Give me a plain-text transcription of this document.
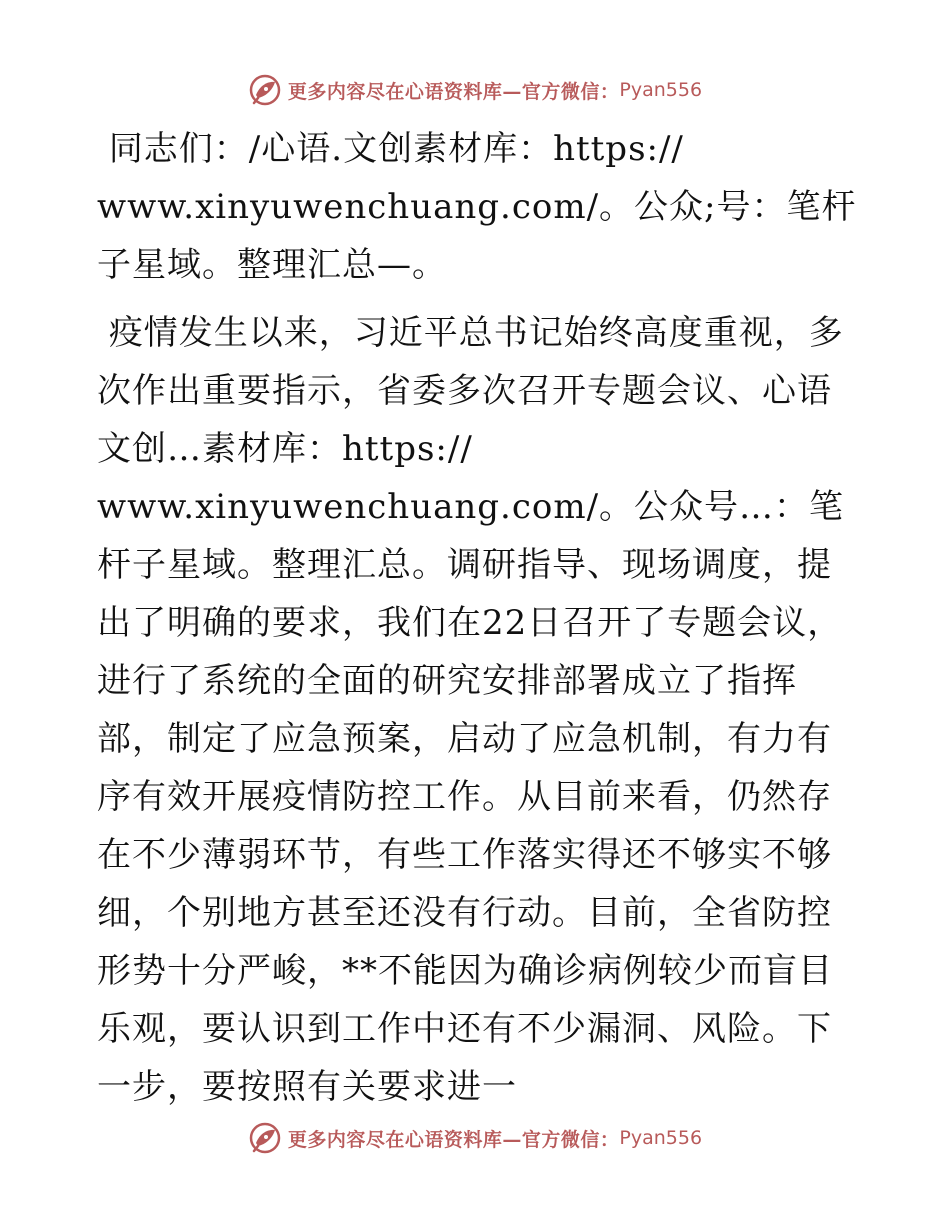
更多内容尽在心语资料库—官方微信： Pyan556

同志们：/心语.文创素材库：https://
www.xinyuwenchuang.com/。公众;号：笔杆子星域。整理汇总—。

疫情发生以来，习近平总书记始终高度重视，多次作出重要指示，省委多次召开专题会议、心语文创…素材库：https://
www.xinyuwenchuang.com/。公众号…：笔杆子星域。整理汇总。调研指导、现场调度，提出了明确的要求，我们在22日召开了专题会议，进行了系统的全面的研究安排部署成立了指挥部，制定了应急预案，启动了应急机制，有力有序有效开展疫情防控工作。从目前来看，仍然存在不少薄弱环节，有些工作落实得还不够实不够细，个别地方甚至还没有行动。目前，全省防控形势十分严峻，**不能因为确诊病例较少而盲目乐观，要认识到工作中还有不少漏洞、风险。下一步，要按照有关要求进一

更多内容尽在心语资料库—官方微信： Pyan556
